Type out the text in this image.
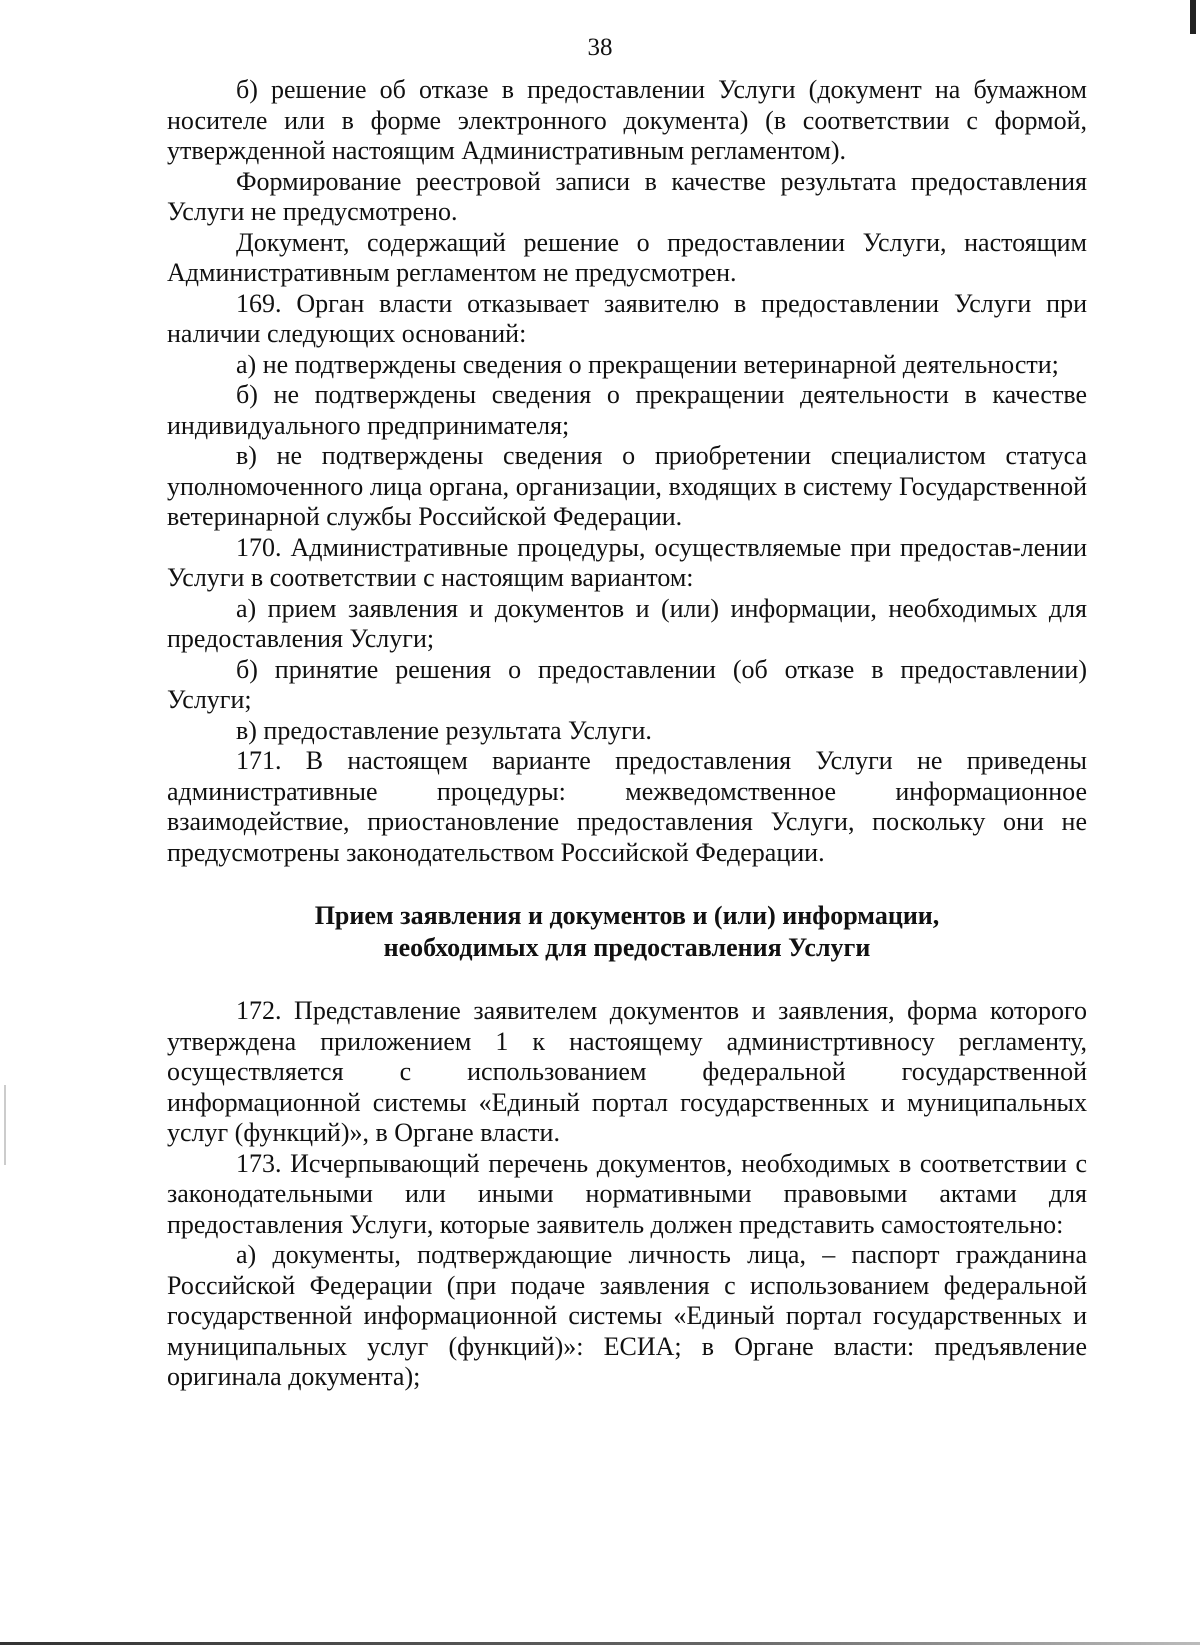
38

б) решение об отказе в предоставлении Услуги (документ на бумажном носителе или в форме электронного документа) (в соответствии с формой, утвержденной настоящим Административным регламентом).

Формирование реестровой записи в качестве результата предоставления Услуги не предусмотрено.

Документ, содержащий решение о предоставлении Услуги, настоящим Административным регламентом не предусмотрен.

169. Орган власти отказывает заявителю в предоставлении Услуги при наличии следующих оснований:

а) не подтверждены сведения о прекращении ветеринарной деятельности;

б) не подтверждены сведения о прекращении деятельности в качестве индивидуального предпринимателя;

в) не подтверждены сведения о приобретении специалистом статуса уполномоченного лица органа, организации, входящих в систему Государственной ветеринарной службы Российской Федерации.

170. Административные процедуры, осуществляемые при предостав-лении Услуги в соответствии с настоящим вариантом:

а) прием заявления и документов и (или) информации, необходимых для предоставления Услуги;

б) принятие решения о предоставлении (об отказе в предоставлении) Услуги;

в) предоставление результата Услуги.

171. В настоящем варианте предоставления Услуги не приведены административные процедуры: межведомственное информационное взаимодействие, приостановление предоставления Услуги, поскольку они не предусмотрены законодательством Российской Федерации.

Прием заявления и документов и (или) информации,
необходимых для предоставления Услуги

172. Представление заявителем документов и заявления, форма которого утверждена приложением 1 к настоящему администртивносу регламенту, осуществляется с использованием федеральной государственной информационной системы «Единый портал государственных и муниципальных услуг (функций)», в Органе власти.

173. Исчерпывающий перечень документов, необходимых в соответствии с законодательными или иными нормативными правовыми актами для предоставления Услуги, которые заявитель должен представить самостоятельно:

а) документы, подтверждающие личность лица, – паспорт гражданина Российской Федерации (при подаче заявления с использованием федеральной государственной информационной системы «Единый портал государственных и муниципальных услуг (функций)»: ЕСИА; в Органе власти: предъявление оригинала документа);
